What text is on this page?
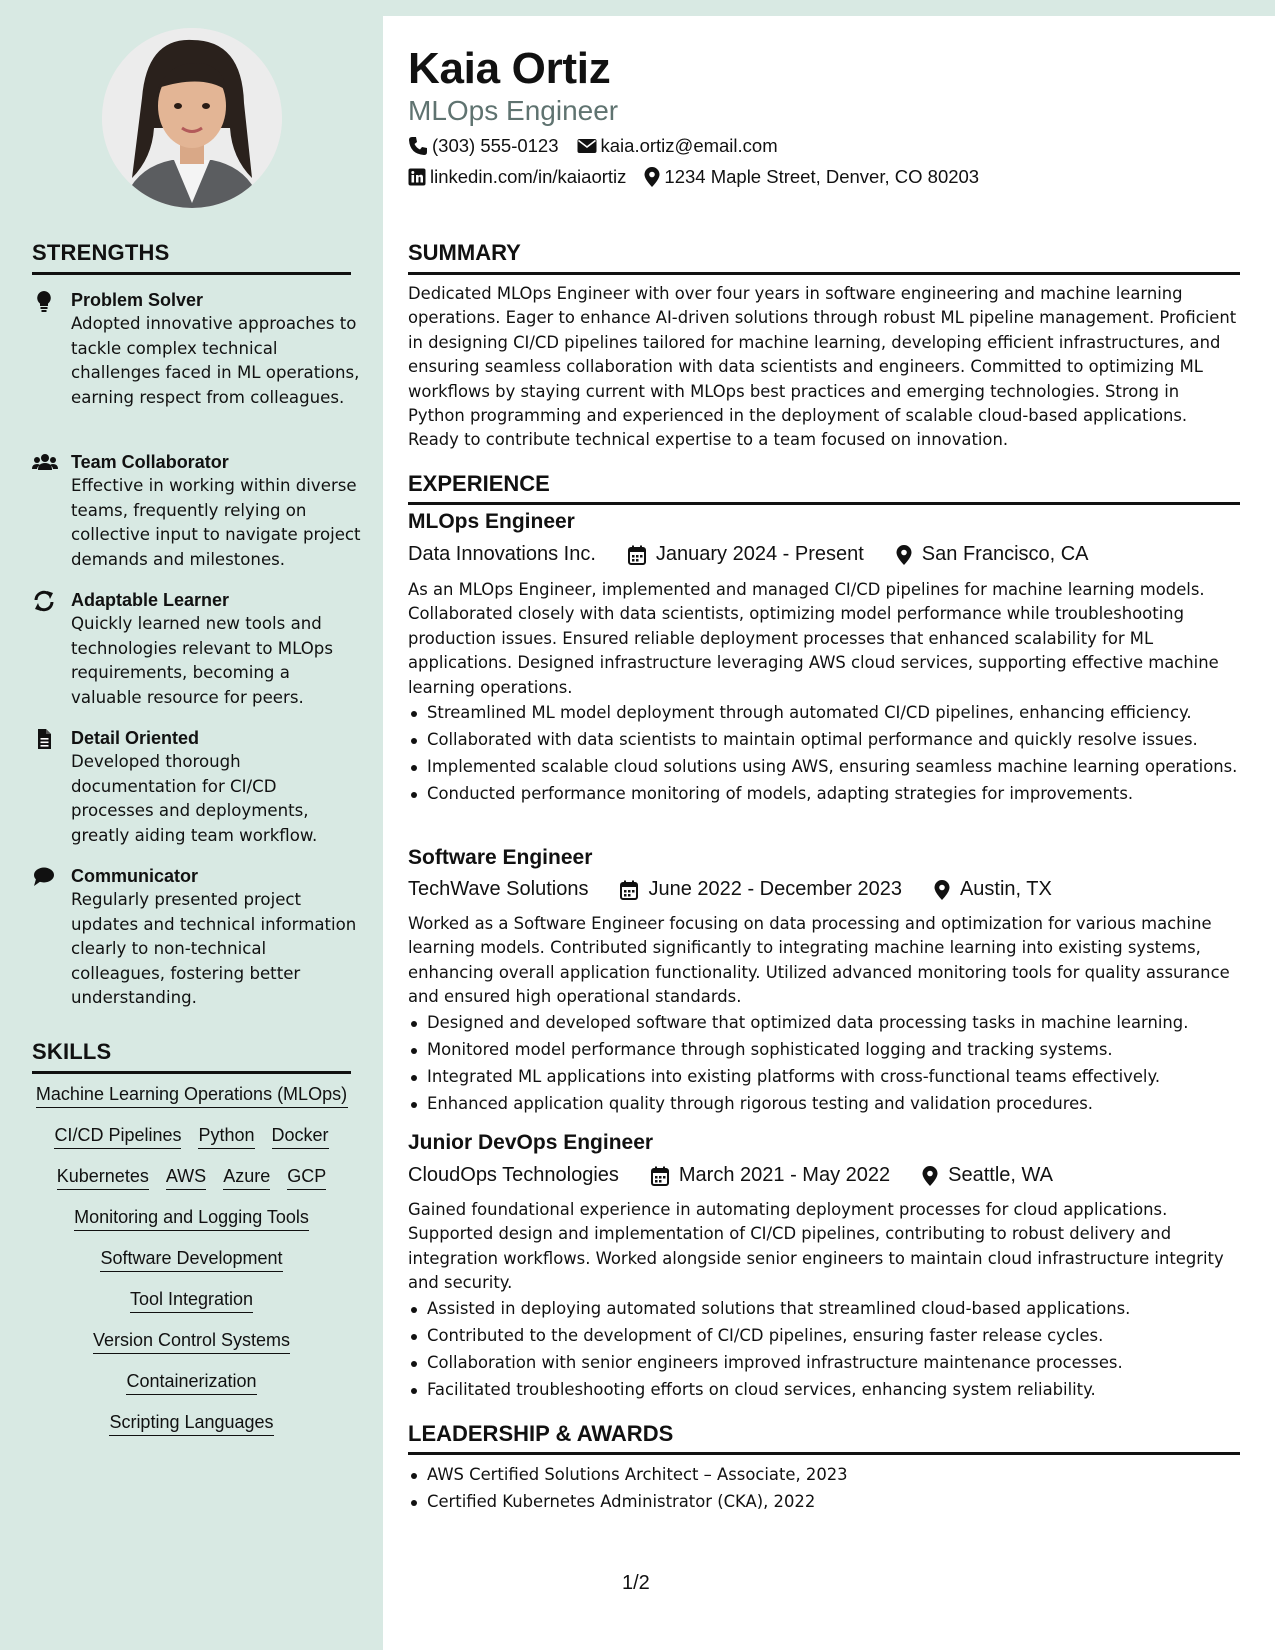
STRENGTHS
Problem Solver
Adopted innovative approaches to tackle complex technical challenges faced in ML operations, earning respect from colleagues.
Team Collaborator
Effective in working within diverse teams, frequently relying on collective input to navigate project demands and milestones.
Adaptable Learner
Quickly learned new tools and technologies relevant to MLOps requirements, becoming a valuable resource for peers.
Detail Oriented
Developed thorough documentation for CI/CD processes and deployments, greatly aiding team workflow.
Communicator
Regularly presented project updates and technical information clearly to non-technical colleagues, fostering better understanding.
SKILLS
Machine Learning Operations (MLOps)
CI/CD Pipelines Python Docker
Kubernetes AWS Azure GCP
Monitoring and Logging Tools
Software Development
Tool Integration
Version Control Systems
Containerization
Scripting Languages
Kaia Ortiz
MLOps Engineer
(303) 555-0123 kaia.ortiz@email.com
linkedin.com/in/kaiaortiz 1234 Maple Street, Denver, CO 80203
SUMMARY
Dedicated MLOps Engineer with over four years in software engineering and machine learning operations. Eager to enhance AI-driven solutions through robust ML pipeline management. Proficient in designing CI/CD pipelines tailored for machine learning, developing efficient infrastructures, and ensuring seamless collaboration with data scientists and engineers. Committed to optimizing ML workflows by staying current with MLOps best practices and emerging technologies. Strong in Python programming and experienced in the deployment of scalable cloud-based applications. Ready to contribute technical expertise to a team focused on innovation.
EXPERIENCE
MLOps Engineer
Data Innovations Inc.	January 2024 - Present	San Francisco, CA
As an MLOps Engineer, implemented and managed CI/CD pipelines for machine learning models. Collaborated closely with data scientists, optimizing model performance while troubleshooting production issues. Ensured reliable deployment processes that enhanced scalability for ML applications. Designed infrastructure leveraging AWS cloud services, supporting effective machine learning operations.
Streamlined ML model deployment through automated CI/CD pipelines, enhancing efficiency.
Collaborated with data scientists to maintain optimal performance and quickly resolve issues.
Implemented scalable cloud solutions using AWS, ensuring seamless machine learning operations.
Conducted performance monitoring of models, adapting strategies for improvements.
Software Engineer
TechWave Solutions	June 2022 - December 2023	Austin, TX
Worked as a Software Engineer focusing on data processing and optimization for various machine learning models. Contributed significantly to integrating machine learning into existing systems, enhancing overall application functionality. Utilized advanced monitoring tools for quality assurance and ensured high operational standards.
Designed and developed software that optimized data processing tasks in machine learning.
Monitored model performance through sophisticated logging and tracking systems.
Integrated ML applications into existing platforms with cross-functional teams effectively.
Enhanced application quality through rigorous testing and validation procedures.
Junior DevOps Engineer
CloudOps Technologies	March 2021 - May 2022	Seattle, WA
Gained foundational experience in automating deployment processes for cloud applications. Supported design and implementation of CI/CD pipelines, contributing to robust delivery and integration workflows. Worked alongside senior engineers to maintain cloud infrastructure integrity and security.
Assisted in deploying automated solutions that streamlined cloud-based applications.
Contributed to the development of CI/CD pipelines, ensuring faster release cycles.
Collaboration with senior engineers improved infrastructure maintenance processes.
Facilitated troubleshooting efforts on cloud services, enhancing system reliability.
LEADERSHIP & AWARDS
AWS Certified Solutions Architect – Associate, 2023
Certified Kubernetes Administrator (CKA), 2022
1/2
